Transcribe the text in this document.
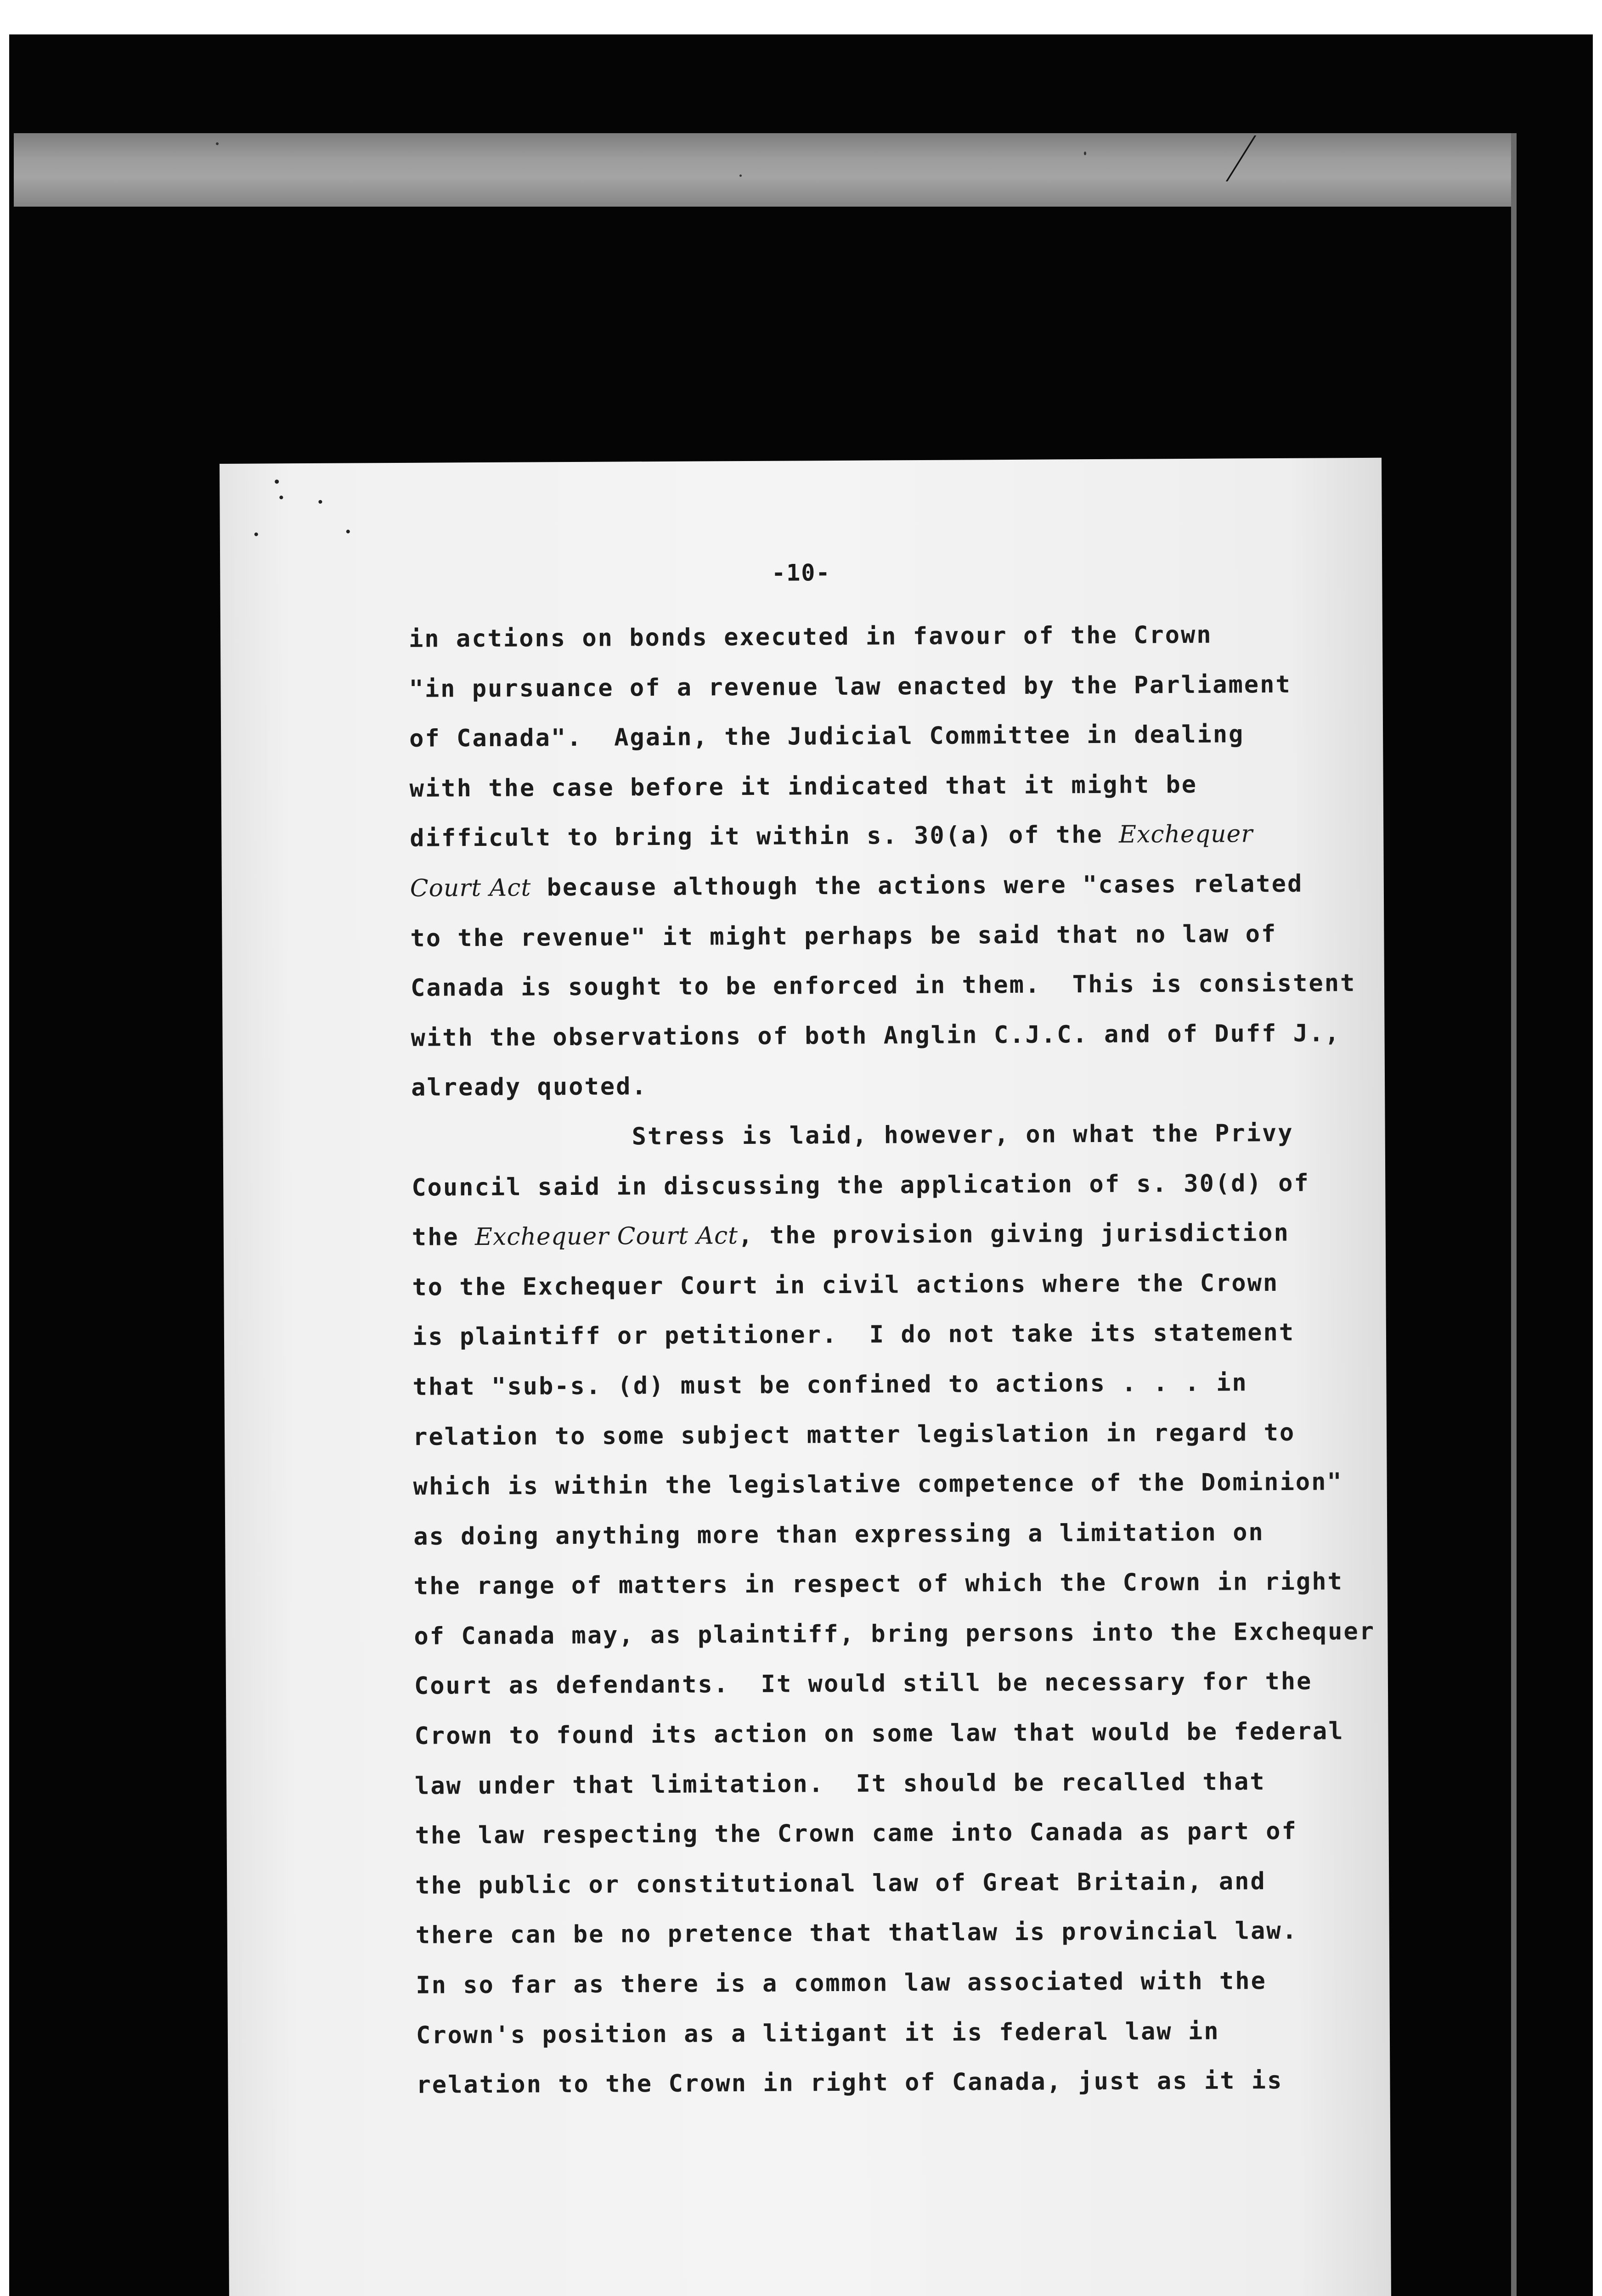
-10-
in actions on bonds executed in favour of the Crown
"in pursuance of a revenue law enacted by the Parliament
of Canada".  Again, the Judicial Committee in dealing
with the case before it indicated that it might be
difficult to bring it within s. 30(a) of the Exchequer
Court Act because although the actions were "cases related
to the revenue" it might perhaps be said that no law of
Canada is sought to be enforced in them.  This is consistent
with the observations of both Anglin C.J.C. and of Duff J.,
already quoted.
Stress is laid, however, on what the Privy
Council said in discussing the application of s. 30(d) of
the Exchequer Court Act, the provision giving jurisdiction
to the Exchequer Court in civil actions where the Crown
is plaintiff or petitioner.  I do not take its statement
that "sub-s. (d) must be confined to actions . . . in
relation to some subject matter legislation in regard to
which is within the legislative competence of the Dominion"
as doing anything more than expressing a limitation on
the range of matters in respect of which the Crown in right
of Canada may, as plaintiff, bring persons into the Exchequer
Court as defendants.  It would still be necessary for the
Crown to found its action on some law that would be federal
law under that limitation.  It should be recalled that
the law respecting the Crown came into Canada as part of
the public or constitutional law of Great Britain, and
there can be no pretence that thatlaw is provincial law.
In so far as there is a common law associated with the
Crown's position as a litigant it is federal law in
relation to the Crown in right of Canada, just as it is
